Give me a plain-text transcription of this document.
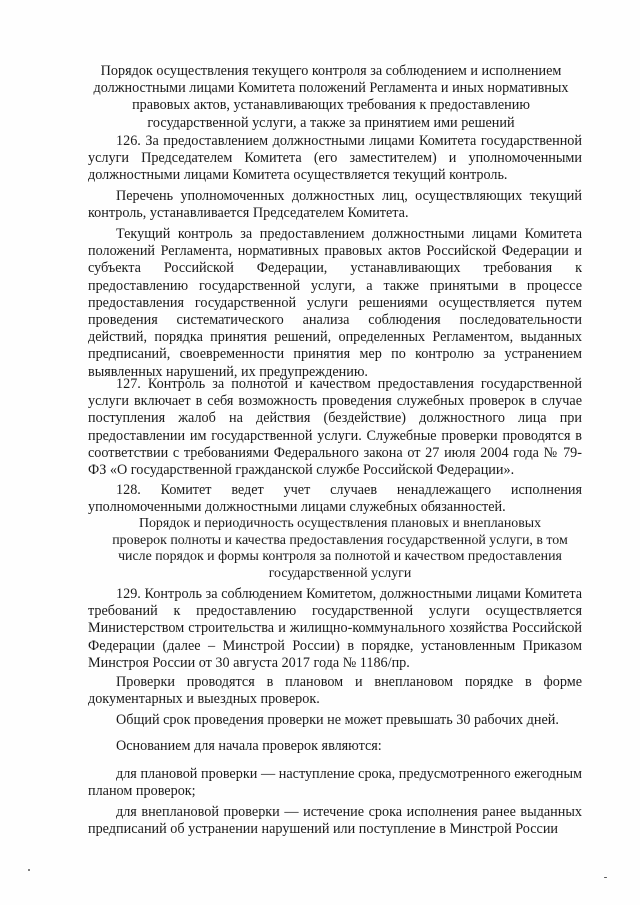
Порядок осуществления текущего контроля за соблюдением и исполнением должностными лицами Комитета положений Регламента и иных нормативных правовых актов, устанавливающих требования к предоставлению государственной услуги, а также за принятием ими решений
126. За предоставлением должностными лицами Комитета государственной услуги Председателем Комитета (его заместителем) и уполномоченными должностными лицами Комитета осуществляется текущий контроль.
Перечень уполномоченных должностных лиц, осуществляющих текущий контроль, устанавливается Председателем Комитета.
Текущий контроль за предоставлением должностными лицами Комитета положений Регламента, нормативных правовых актов Российской Федерации и субъекта Российской Федерации, устанавливающих требования к предоставлению государственной услуги, а также принятыми в процессе предоставления государственной услуги решениями осуществляется путем проведения систематического анализа соблюдения последовательности действий, порядка принятия решений, определенных Регламентом, выданных предписаний, своевременности принятия мер по контролю за устранением выявленных нарушений, их предупреждению.
127. Контроль за полнотой и качеством предоставления государственной услуги включает в себя возможность проведения служебных проверок в случае поступления жалоб на действия (бездействие) должностного лица при предоставлении им государственной услуги. Служебные проверки проводятся в соответствии с требованиями Федерального закона от 27 июля 2004 года № 79-ФЗ «О государственной гражданской службе Российской Федерации».
128. Комитет ведет учет случаев ненадлежащего исполнения уполномоченными должностными лицами служебных обязанностей.
Порядок и периодичность осуществления плановых и внеплановых проверок полноты и качества предоставления государственной услуги, в том числе порядок и формы контроля за полнотой и качеством предоставления государственной услуги
129. Контроль за соблюдением Комитетом, должностными лицами Комитета требований к предоставлению государственной услуги осуществляется Министерством строительства и жилищно-коммунального хозяйства Российской Федерации (далее – Минстрой России) в порядке, установленным Приказом Минстроя России от 30 августа 2017 года № 1186/пр.
Проверки проводятся в плановом и внеплановом порядке в форме документарных и выездных проверок.
Общий срок проведения проверки не может превышать 30 рабочих дней.
Основанием для начала проверок являются:
для плановой проверки — наступление срока, предусмотренного ежегодным планом проверок;
для внеплановой проверки — истечение срока исполнения ранее выданных предписаний об устранении нарушений или поступление в Минстрой России
